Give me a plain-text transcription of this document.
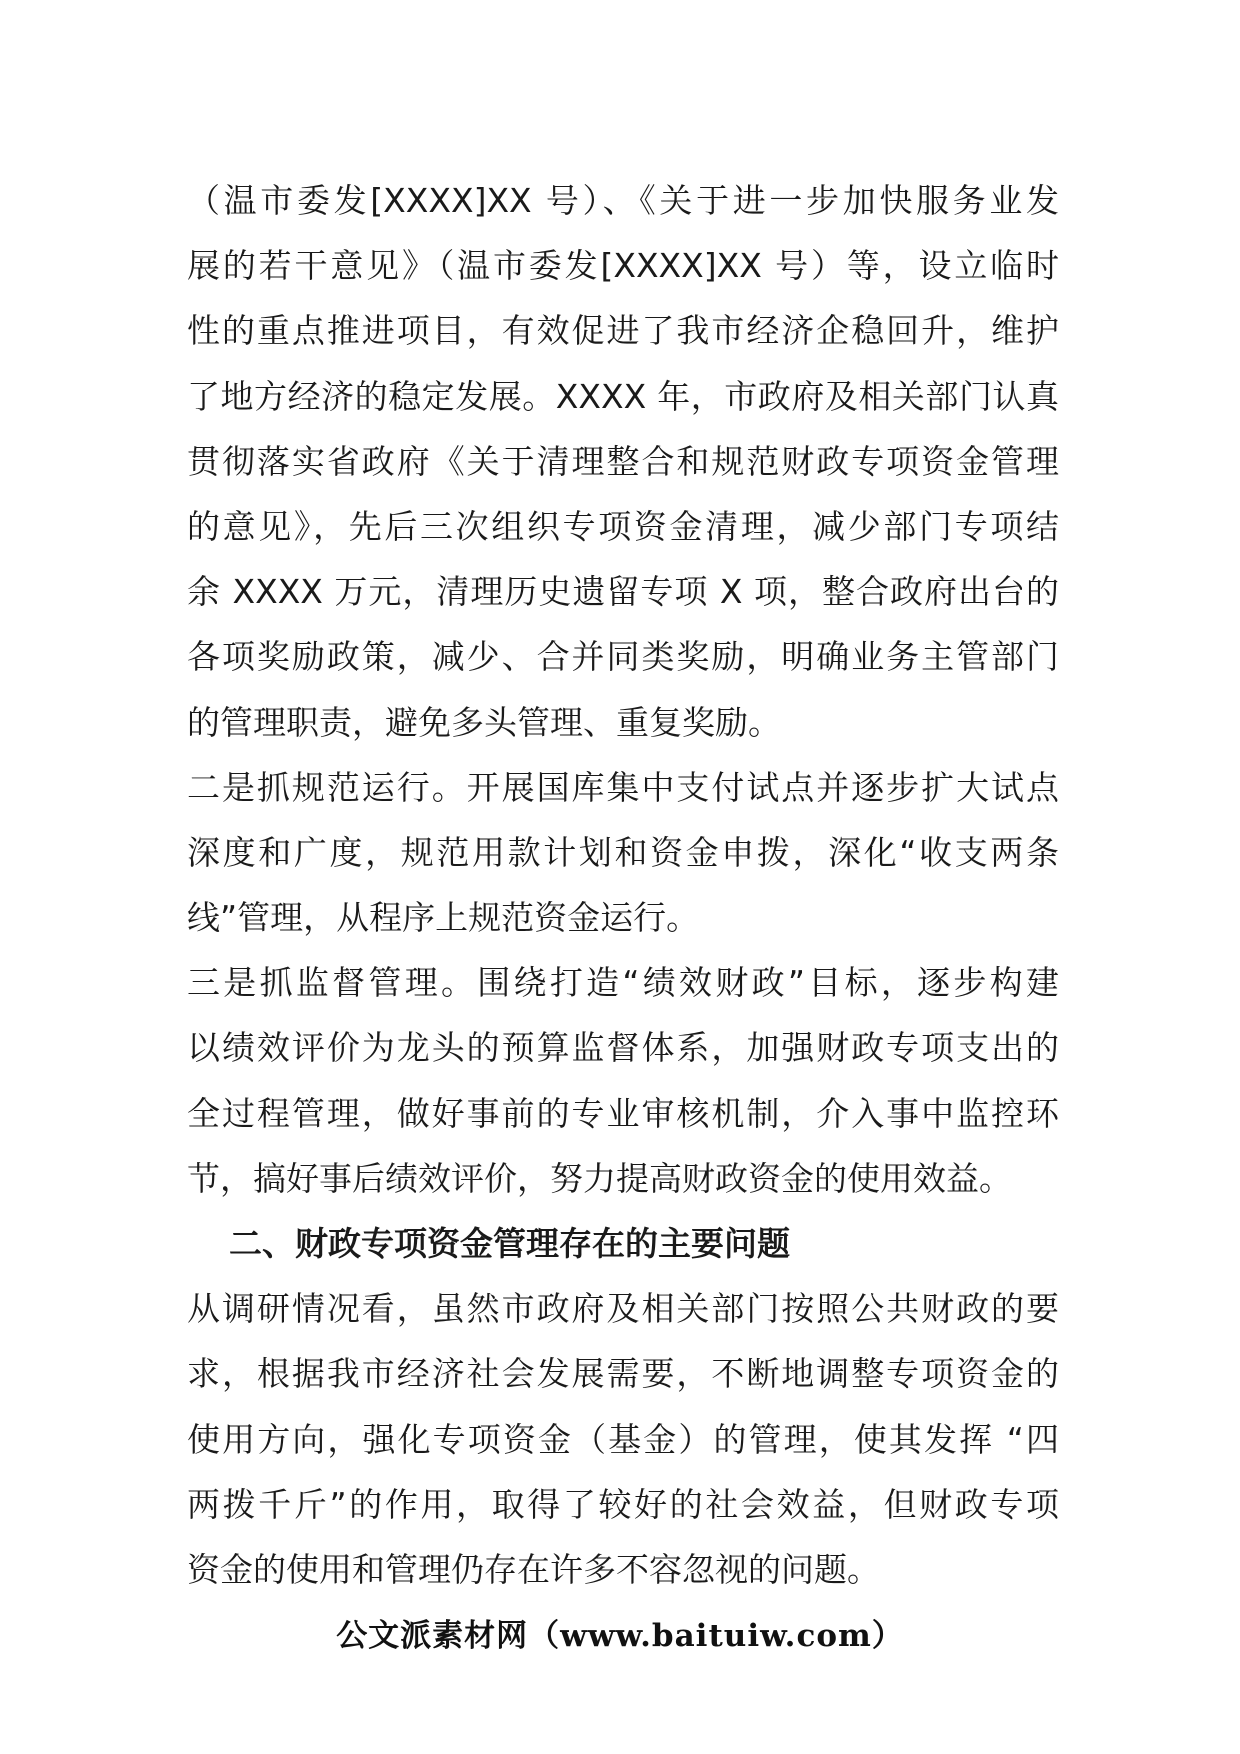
（温市委发[XXXX]XX 号）、《关于进一步加快服务业发
展的若干意见》（温市委发[XXXX]XX 号）等，设立临时
性的重点推进项目，有效促进了我市经济企稳回升，维护
了地方经济的稳定发展。XXXX 年，市政府及相关部门认真
贯彻落实省政府《关于清理整合和规范财政专项资金管理
的意见》，先后三次组织专项资金清理，减少部门专项结
余 XXXX 万元，清理历史遗留专项 X 项，整合政府出台的
各项奖励政策，减少、合并同类奖励，明确业务主管部门
的管理职责，避免多头管理、重复奖励。
二是抓规范运行。开展国库集中支付试点并逐步扩大试点
深度和广度，规范用款计划和资金申拨，深化“收支两条
线”管理，从程序上规范资金运行。
三是抓监督管理。围绕打造“绩效财政”目标，逐步构建
以绩效评价为龙头的预算监督体系，加强财政专项支出的
全过程管理，做好事前的专业审核机制，介入事中监控环
节，搞好事后绩效评价，努力提高财政资金的使用效益。
二、财政专项资金管理存在的主要问题
从调研情况看，虽然市政府及相关部门按照公共财政的要
求，根据我市经济社会发展需要，不断地调整专项资金的
使用方向，强化专项资金（基金）的管理，使其发挥 “四
两拨千斤”的作用，取得了较好的社会效益，但财政专项
资金的使用和管理仍存在许多不容忽视的问题。
公文派素材网（www.baituiw.com）
